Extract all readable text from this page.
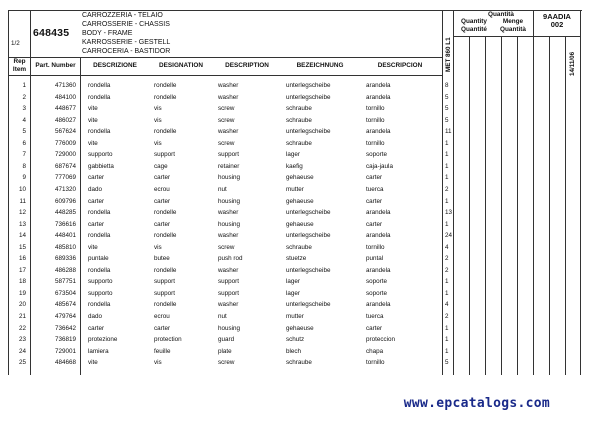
1/2
648435
CARROZZERIA - TELAIO
CARROSSERIE - CHASSIS
BODY - FRAME
KARROSSERIE - GESTELL
CARROCERIA - BASTIDOR
Quantità
Quantity	Menge
Quantité	Quantità
9AADIA
002
MET 860 L1	14/11/06
Rep
Item
Part. Number	DESCRIZIONE	DESIGNATION	DESCRIPTION	BEZEICHNUNG	DESCRIPCION
1	471360 rondella	rondelle	washer	unterlegscheibe	arandela	8
2	484100 rondella	rondelle	washer	unterlegscheibe	arandela	5
3	448677 vite	vis	screw	schraube	tornillo	5
4	486027 vite	vis	screw	schraube	tornillo	5
5	567624 rondella	rondelle	washer	unterlegscheibe	arandela	11
6	776009 vite	vis	screw	schraube	tornillo	1
7	729000 supporto	support	support	lager	soporte	1
8	687674 gabbietta	cage	retainer	kaefig	caja-jaula	1
9	777069 carter	carter	housing	gehaeuse	carter	1
10	471320 dado	ecrou	nut	mutter	tuerca	2
11	609796 carter	carter	housing	gehaeuse	carter	1
12	448285 rondella	rondelle	washer	unterlegscheibe	arandela	13
13	736616 carter	carter	housing	gehaeuse	carter	1
14	448401 rondella	rondelle	washer	unterlegscheibe	arandela	24
15	485810 vite	vis	screw	schraube	tornillo	4
16	689336 puntale	butee	push rod	stuetze	puntal	2
17	486288 rondella	rondelle	washer	unterlegscheibe	arandela	2
18	587751 supporto	support	support	lager	soporte	1
19	673504 supporto	support	support	lager	soporte	1
20	485674 rondella	rondelle	washer	unterlegscheibe	arandela	4
21	479764 dado	ecrou	nut	mutter	tuerca	2
22	736642 carter	carter	housing	gehaeuse	carter	1
23	736819 protezione	protection	guard	schutz	proteccion	1
24	729001 lamiera	feuille	plate	blech	chapa	1
25	484668 vite	vis	screw	schraube	tornillo	5
www.epcatalogs.com
